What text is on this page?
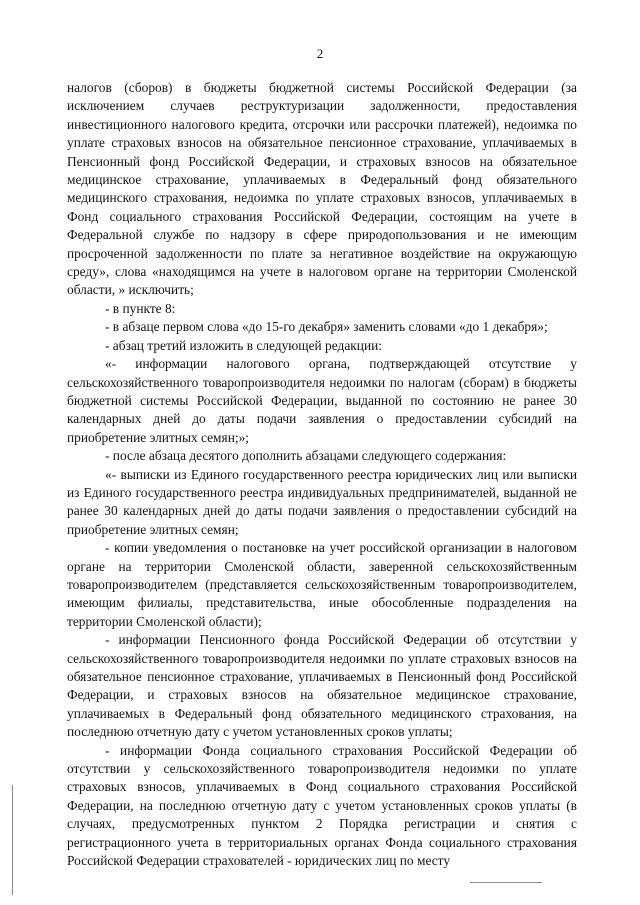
2

налогов (сборов) в бюджеты бюджетной системы Российской Федерации (за исключением случаев реструктуризации задолженности, предоставления инвестиционного налогового кредита, отсрочки или рассрочки платежей), недоимка по уплате страховых взносов на обязательное пенсионное страхование, уплачиваемых в Пенсионный фонд Российской Федерации, и страховых взносов на обязательное медицинское страхование, уплачиваемых в Федеральный фонд обязательного медицинского страхования, недоимка по уплате страховых взносов, уплачиваемых в Фонд социального страхования Российской Федерации, состоящим на учете в Федеральной службе по надзору в сфере природопользования и не имеющим просроченной задолженности по плате за негативное воздействие на окружающую среду», слова «находящимся на учете в налоговом органе на территории Смоленской области, » исключить;

- в пункте 8:

- в абзаце первом слова «до 15-го декабря» заменить словами «до 1 декабря»;

- абзац третий изложить в следующей редакции:

«- информации налогового органа, подтверждающей отсутствие у сельскохозяйственного товаропроизводителя недоимки по налогам (сборам) в бюджеты бюджетной системы Российской Федерации, выданной по состоянию не ранее 30 календарных дней до даты подачи заявления о предоставлении субсидий на приобретение элитных семян;»;

- после абзаца десятого дополнить абзацами следующего содержания:

«- выписки из Единого государственного реестра юридических лиц или выписки из Единого государственного реестра индивидуальных предпринимателей, выданной не ранее 30 календарных дней до даты подачи заявления о предоставлении субсидий на приобретение элитных семян;

- копии уведомления о постановке на учет российской организации в налоговом органе на территории Смоленской области, заверенной сельскохозяйственным товаропроизводителем (представляется сельскохозяйственным товаропроизводителем, имеющим филиалы, представительства, иные обособленные подразделения на территории Смоленской области);

- информации Пенсионного фонда Российской Федерации об отсутствии у сельскохозяйственного товаропроизводителя недоимки по уплате страховых взносов на обязательное пенсионное страхование, уплачиваемых в Пенсионный фонд Российской Федерации, и страховых взносов на обязательное медицинское страхование, уплачиваемых в Федеральный фонд обязательного медицинского страхования, на последнюю отчетную дату с учетом установленных сроков уплаты;

- информации Фонда социального страхования Российской Федерации об отсутствии у сельскохозяйственного товаропроизводителя недоимки по уплате страховых взносов, уплачиваемых в Фонд социального страхования Российской Федерации, на последнюю отчетную дату с учетом установленных сроков уплаты (в случаях, предусмотренных пунктом 2 Порядка регистрации и снятия с регистрационного учета в территориальных органах Фонда социального страхования Российской Федерации страхователей - юридических лиц по месту
